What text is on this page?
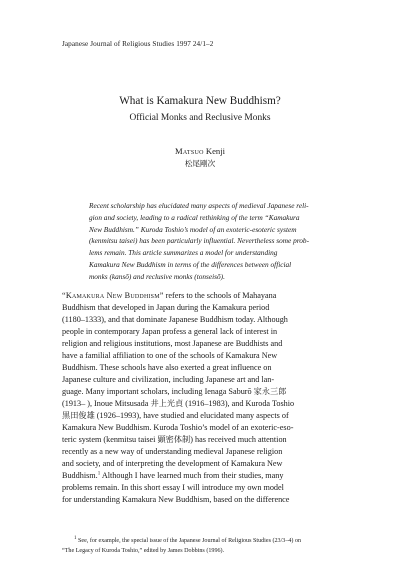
Japanese Journal of Religious Studies 1997 24/1–2
What is Kamakura New Buddhism?
Official Monks and Reclusive Monks
Matsuo Kenji
松尾剛次
Recent scholarship has elucidated many aspects of medieval Japanese reli-
gion and society, leading to a radical rethinking of the term “Kamakura
New Buddhism.” Kuroda Toshio’s model of an exoteric-esoteric system
(kenmitsu taisei) has been particularly influential. Nevertheless some prob-
lems remain. This article summarizes a model for understanding
Kamakura New Buddhism in terms of the differences between official
monks (kansō) and reclusive monks (tonseisō).
“Kamakura New Buddhism” refers to the schools of Mahayana
Buddhism that developed in Japan during the Kamakura period
(1180–1333), and that dominate Japanese Buddhism today. Although
people in contemporary Japan profess a general lack of interest in
religion and religious institutions, most Japanese are Buddhists and
have a familial affiliation to one of the schools of Kamakura New
Buddhism. These schools have also exerted a great influence on
Japanese culture and civilization, including Japanese art and lan-
guage. Many important scholars, including Ienaga Saburō 家永三郎
(1913– ), Inoue Mitsusada 井上光貞 (1916–1983), and Kuroda Toshio
黒田俊雄 (1926–1993), have studied and elucidated many aspects of
Kamakura New Buddhism. Kuroda Toshio’s model of an exoteric-eso-
teric system (kenmitsu taisei 顕密体制) has received much attention
recently as a new way of understanding medieval Japanese religion
and society, and of interpreting the development of Kamakura New
Buddhism.$^1$ Although I have learned much from their studies, many
problems remain. In this short essay I will introduce my own model
for understanding Kamakura New Buddhism, based on the difference
$^1$ See, for example, the special issue of the Japanese Journal of Religious Studies (23/3–4) on
“The Legacy of Kuroda Toshio,” edited by James Dobbins (1996).
